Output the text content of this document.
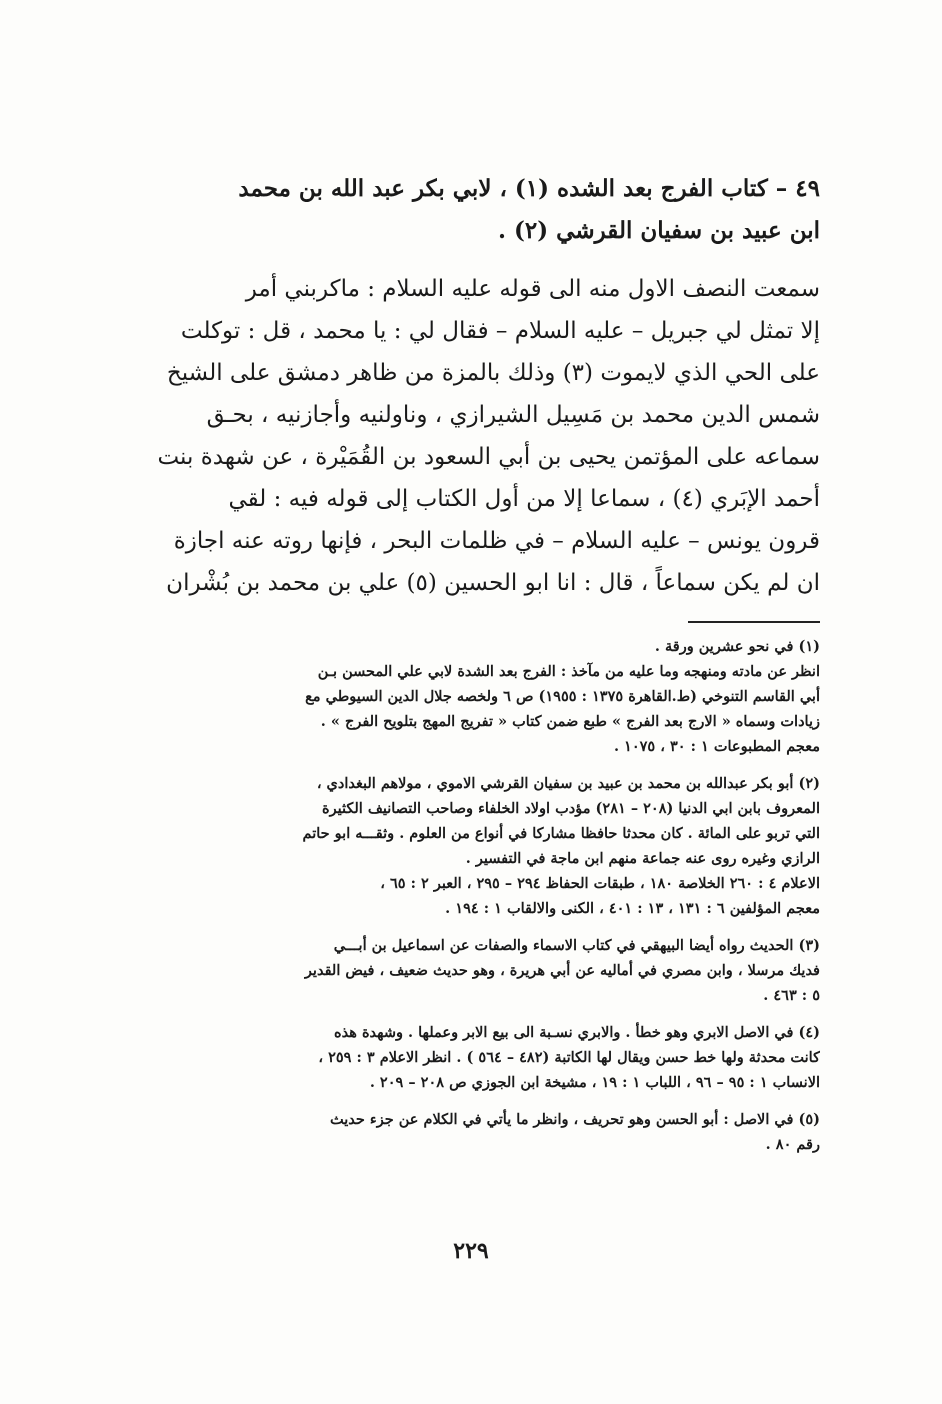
٤٩ – كتاب الفرج بعد الشده (١) ، لابي بكر عبد الله بن محمد
ابن عبيد بن سفيان القرشي (٢) .
سمعت النصف الاول منه الى قوله عليه السلام : ماكربني أمر
إلا تمثل لي جبريل – عليه السلام – فقال لي : يا محمد ، قل : توكلت
على الحي الذي لايموت (٣) وذلك بالمزة من ظاهر دمشق على الشيخ
شمس الدين محمد بن مَسِيل الشيرازي ، وناولنيه وأجازنيه ، بحـق
سماعه على المؤتمن يحيى بن أبي السعود بن القُمَيْرة ، عن شهدة بنت
أحمد الإبَري (٤) ، سماعا إلا من أول الكتاب إلى قوله فيه : لقي
قرون يونس – عليه السلام – في ظلمات البحر ، فإنها روته عنه اجازة
ان لم يكن سماعاً ، قال : انا ابو الحسين (٥) علي بن محمد بن بُشْران
(١) في نحو عشرين ورقة .
انظر عن مادته ومنهجه وما عليه من مآخذ : الفرج بعد الشدة لابي علي المحسن بـن
أبي القاسم التنوخي (ط.القاهرة ١٣٧٥ : ١٩٥٥) ص ٦ ولخصه جلال الدين السيوطي مع
زيادات وسماه « الارج بعد الفرج » طبع ضمن كتاب « تفريج المهج بتلويح الفرج » .
معجم المطبوعات ١ : ٣٠ ، ١٠٧٥ .
(٢) أبو بكر عبدالله بن محمد بن عبيد بن سفيان القرشي الاموي ، مولاهم البغدادي ،
المعروف بابن ابي الدنيا (٢٠٨ – ٢٨١) مؤدب اولاد الخلفاء وصاحب التصانيف الكثيرة
التي تربو على المائة . كان محدثا حافظا مشاركا في أنواع من العلوم . وثقـــه ابو حاتم
الرازي وغيره روى عنه جماعة منهم ابن ماجة في التفسير .
الاعلام ٤ : ٢٦٠ الخلاصة ١٨٠ ، طبقات الحفاظ ٢٩٤ – ٢٩٥ ، العبر ٢ : ٦٥ ،
معجم المؤلفين ٦ : ١٣١ ، ١٣ : ٤٠١ ، الكنى والالقاب ١ : ١٩٤ .
(٣) الحديث رواه أيضا البيهقي في كتاب الاسماء والصفات عن اسماعيل بن أبـــي
فديك مرسلا ، وابن مصري في أماليه عن أبي هريرة ، وهو حديث ضعيف ، فيض القدير
٥ : ٤٦٣ .
(٤) في الاصل الابري وهو خطأ . والابري نسـبة الى بيع الابر وعملها . وشهدة هذه
كانت محدثة ولها خط حسن ويقال لها الكاتبة (٤٨٢ – ٥٦٤ ) . انظر الاعلام ٣ : ٢٥٩ ،
الانساب ١ : ٩٥ – ٩٦ ، اللباب ١ : ١٩ ، مشيخة ابن الجوزي ص ٢٠٨ – ٢٠٩ .
(٥) في الاصل : أبو الحسن وهو تحريف ، وانظر ما يأتي في الكلام عن جزء حديث
رقم ٨٠ .
٢٢٩
